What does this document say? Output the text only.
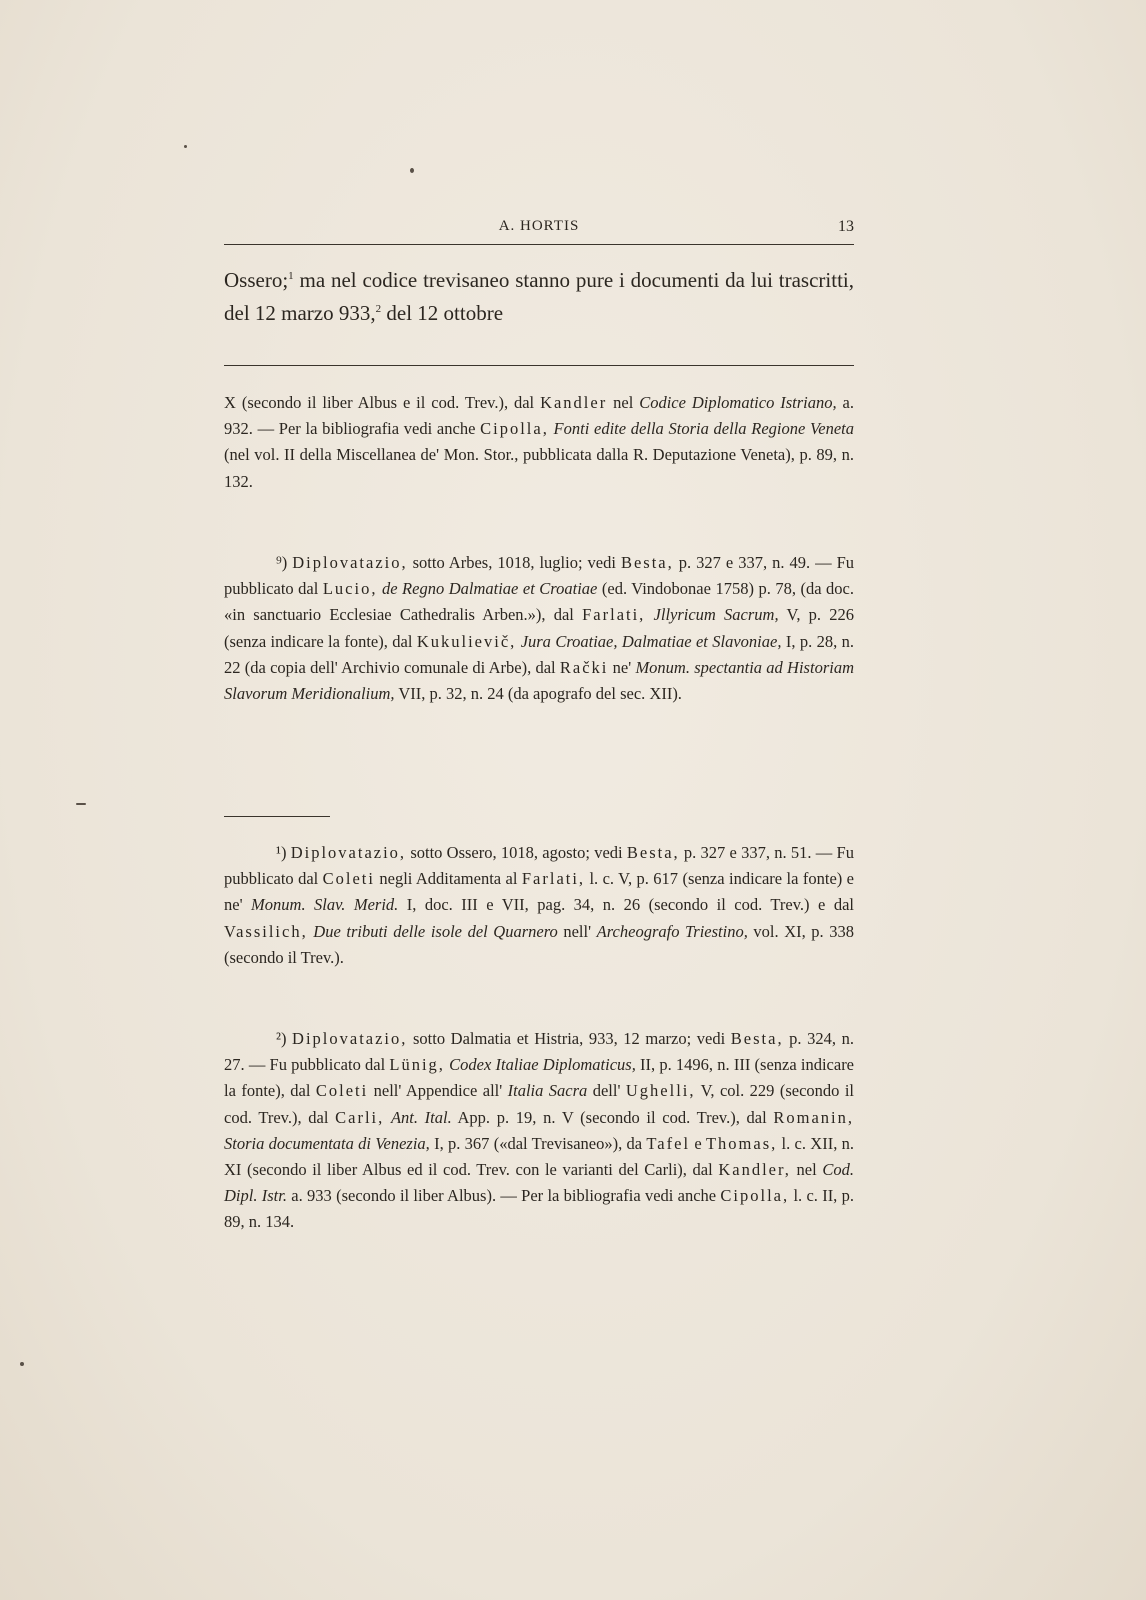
A. HORTIS	13

Ossero;$^1$ ma nel codice trevisaneo stanno pure i documenti da lui trascritti, del 12 marzo 933,$^2$ del 12 ottobre

X (secondo il liber Albus e il cod. Trev.), dal Kandler nel Codice Diplomatico Istriano, a. 932. — Per la bibliografia vedi anche Cipolla, Fonti edite della Storia della Regione Veneta (nel vol. II della Miscellanea de' Mon. Stor., pubblicata dalla R. Deputazione Veneta), p. 89, n. 132.

⁹) Diplovatazio, sotto Arbes, 1018, luglio; vedi Besta, p. 327 e 337, n. 49. — Fu pubblicato dal Lucio, de Regno Dalmatiae et Croatiae (ed. Vindobonae 1758) p. 78, (da doc. «in sanctuario Ecclesiae Cathedralis Arben.»), dal Farlati, Jllyricum Sacrum, V, p. 226 (senza indicare la fonte), dal Kukulievič, Jura Croatiae, Dalmatiae et Slavoniae, I, p. 28, n. 22 (da copia dell' Archivio comunale di Arbe), dal Rački ne' Monum. spectantia ad Historiam Slavorum Meridionalium, VII, p. 32, n. 24 (da apografo del sec. XII).

¹) Diplovatazio, sotto Ossero, 1018, agosto; vedi Besta, p. 327 e 337, n. 51. — Fu pubblicato dal Coleti negli Additamenta al Farlati, l. c. V, p. 617 (senza indicare la fonte) e ne' Monum. Slav. Merid. I, doc. III e VII, pag. 34, n. 26 (secondo il cod. Trev.) e dal Vassilich, Due tributi delle isole del Quarnero nell' Archeografo Triestino, vol. XI, p. 338 (secondo il Trev.).

²) Diplovatazio, sotto Dalmatia et Histria, 933, 12 marzo; vedi Besta, p. 324, n. 27. — Fu pubblicato dal Lünig, Codex Italiae Diplomaticus, II, p. 1496, n. III (senza indicare la fonte), dal Coleti nell' Appendice all' Italia Sacra dell' Ughelli, V, col. 229 (secondo il cod. Trev.), dal Carli, Ant. Ital. App. p. 19, n. V (secondo il cod. Trev.), dal Romanin, Storia documentata di Venezia, I, p. 367 («dal Trevisaneo»), da Tafel e Thomas, l. c. XII, n. XI (secondo il liber Albus ed il cod. Trev. con le varianti del Carli), dal Kandler, nel Cod. Dipl. Istr. a. 933 (secondo il liber Albus). — Per la bibliografia vedi anche Cipolla, l. c. II, p. 89, n. 134.
